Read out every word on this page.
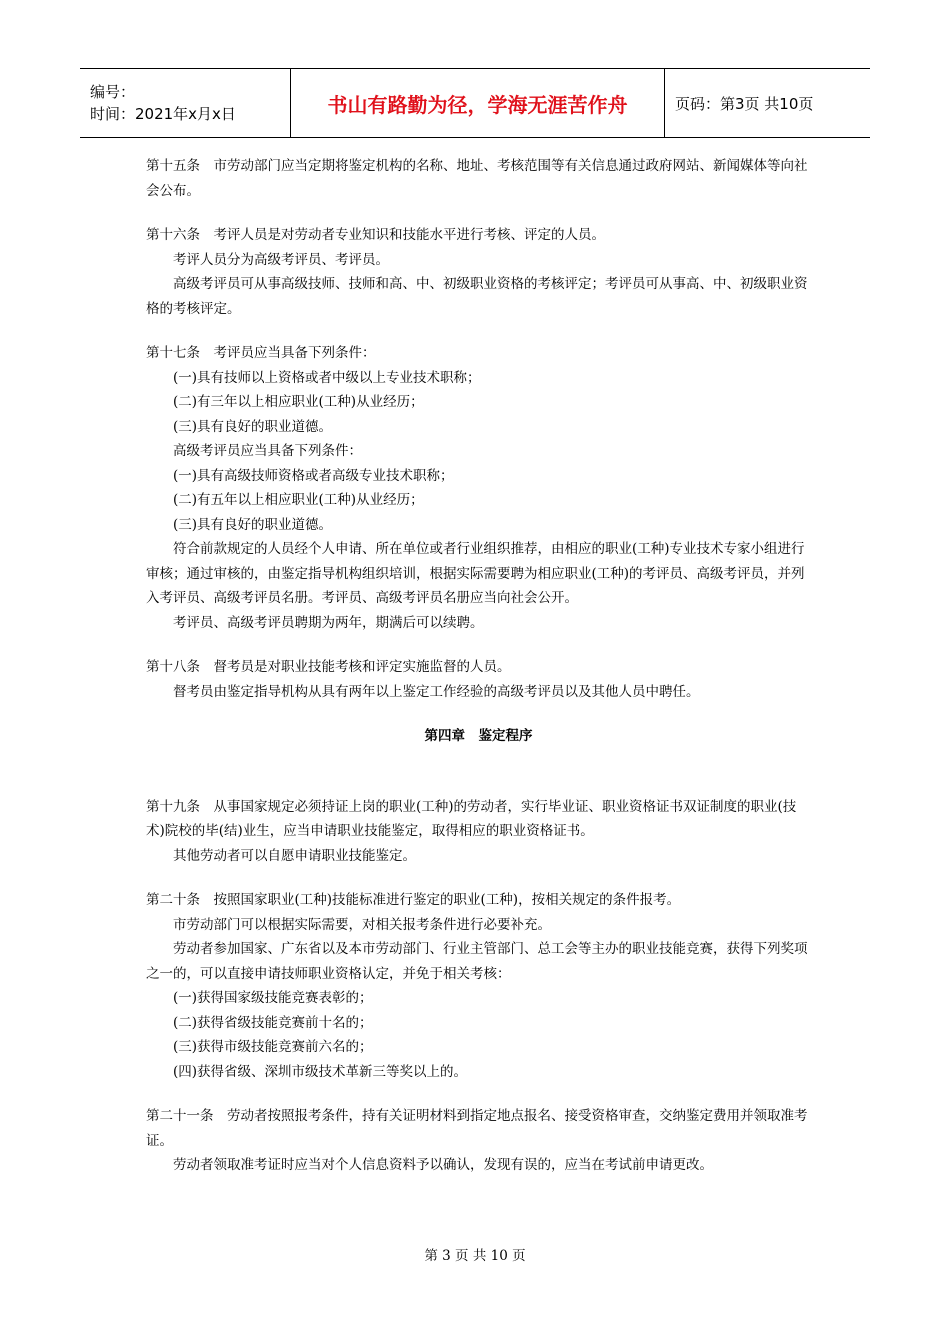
编号：
时间：2021年x月x日	书山有路勤为径，学海无涯苦作舟	页码：第3页 共10页

第十五条　市劳动部门应当定期将鉴定机构的名称、地址、考核范围等有关信息通过政府网站、新闻媒体等向社会公布。

第十六条　考评人员是对劳动者专业知识和技能水平进行考核、评定的人员。

考评人员分为高级考评员、考评员。

高级考评员可从事高级技师、技师和高、中、初级职业资格的考核评定；考评员可从事高、中、初级职业资格的考核评定。

第十七条　考评员应当具备下列条件：

(一)具有技师以上资格或者中级以上专业技术职称；

(二)有三年以上相应职业(工种)从业经历；

(三)具有良好的职业道德。

高级考评员应当具备下列条件：

(一)具有高级技师资格或者高级专业技术职称；

(二)有五年以上相应职业(工种)从业经历；

(三)具有良好的职业道德。

符合前款规定的人员经个人申请、所在单位或者行业组织推荐，由相应的职业(工种)专业技术专家小组进行审核；通过审核的，由鉴定指导机构组织培训，根据实际需要聘为相应职业(工种)的考评员、高级考评员，并列入考评员、高级考评员名册。考评员、高级考评员名册应当向社会公开。

考评员、高级考评员聘期为两年，期满后可以续聘。

第十八条　督考员是对职业技能考核和评定实施监督的人员。

督考员由鉴定指导机构从具有两年以上鉴定工作经验的高级考评员以及其他人员中聘任。

第四章　鉴定程序

第十九条　从事国家规定必须持证上岗的职业(工种)的劳动者，实行毕业证、职业资格证书双证制度的职业(技术)院校的毕(结)业生，应当申请职业技能鉴定，取得相应的职业资格证书。

其他劳动者可以自愿申请职业技能鉴定。

第二十条　按照国家职业(工种)技能标准进行鉴定的职业(工种)，按相关规定的条件报考。

市劳动部门可以根据实际需要，对相关报考条件进行必要补充。

劳动者参加国家、广东省以及本市劳动部门、行业主管部门、总工会等主办的职业技能竞赛，获得下列奖项之一的，可以直接申请技师职业资格认定，并免于相关考核：

(一)获得国家级技能竞赛表彰的；

(二)获得省级技能竞赛前十名的；

(三)获得市级技能竞赛前六名的；

(四)获得省级、深圳市级技术革新三等奖以上的。

第二十一条　劳动者按照报考条件，持有关证明材料到指定地点报名、接受资格审查，交纳鉴定费用并领取准考证。

劳动者领取准考证时应当对个人信息资料予以确认，发现有误的，应当在考试前申请更改。

第 3 页 共 10 页
